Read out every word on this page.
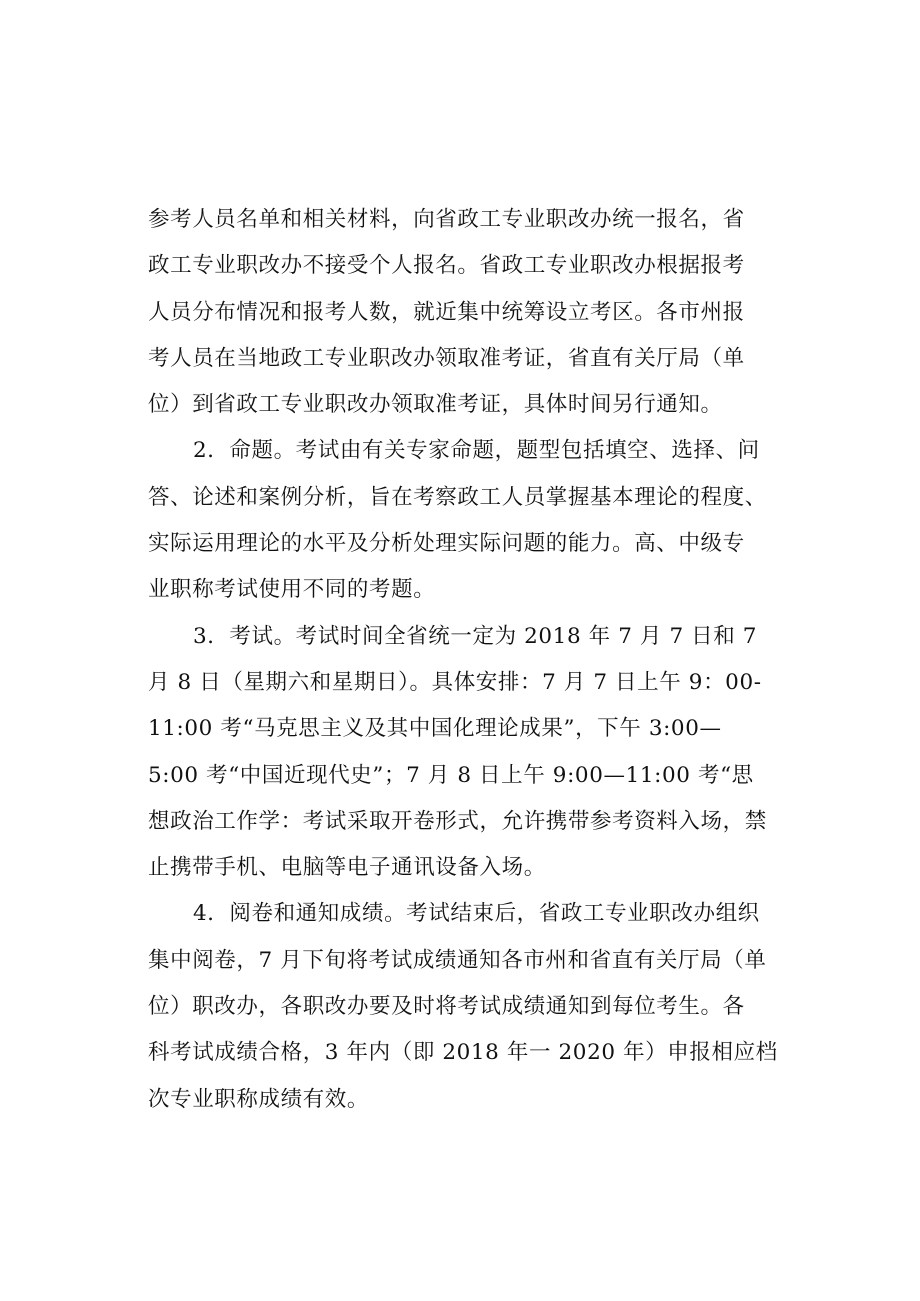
参考人员名单和相关材料，向省政工专业职改办统一报名，省
政工专业职改办不接受个人报名。省政工专业职改办根据报考
人员分布情况和报考人数，就近集中统筹设立考区。各市州报
考人员在当地政工专业职改办领取准考证，省直有关厅局（单
位）到省政工专业职改办领取准考证，具体时间另行通知。
2．命题。考试由有关专家命题，题型包括填空、选择、问
答、论述和案例分析，旨在考察政工人员掌握基本理论的程度、
实际运用理论的水平及分析处理实际问题的能力。高、中级专
业职称考试使用不同的考题。
3．考试。考试时间全省统一定为 2018 年 7 月 7 日和 7
月 8 日（星期六和星期日）。具体安排：7 月 7 日上午 9：00-
11:00 考“马克思主义及其中国化理论成果”，下午 3:00—
5:00 考“中国近现代史”；7 月 8 日上午 9:00—11:00 考“思
想政治工作学：考试采取开卷形式，允许携带参考资料入场，禁
止携带手机、电脑等电子通讯设备入场。
4．阅卷和通知成绩。考试结束后，省政工专业职改办组织
集中阅卷，7 月下旬将考试成绩通知各市州和省直有关厅局（单
位）职改办，各职改办要及时将考试成绩通知到每位考生。各
科考试成绩合格，3 年内（即 2018 年一 2020 年）申报相应档
次专业职称成绩有效。
